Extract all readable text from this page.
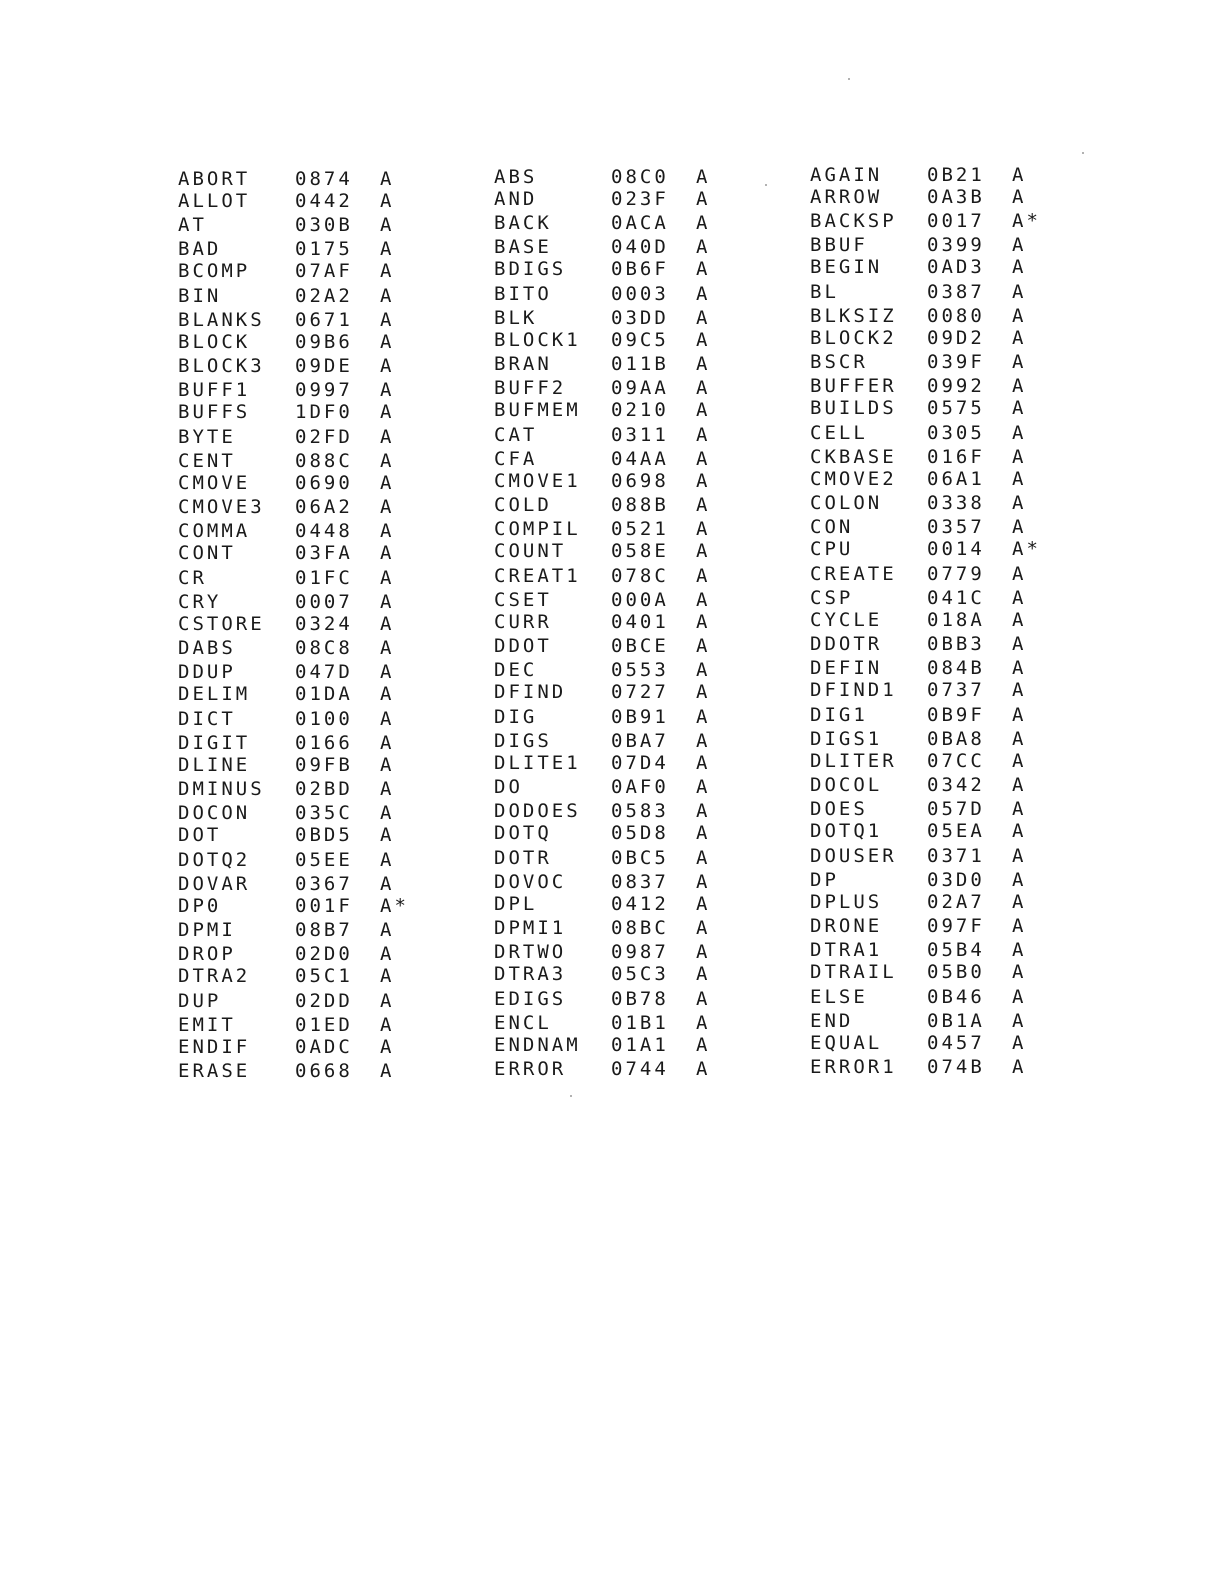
ABORT 0874 A
ALLOT 0442 A
AT	030B A
BAD	0175 A
BCOMP 07AF A
BIN	02A2 A
BLANKS 0671 A
BLOCK 09B6 A
BLOCK3 09DE A
BUFF1 0997 A
BUFFS 1DF0 A
BYTE	02FD A
CENT	088C A
CMOVE 0690 A
CMOVE3 06A2 A
COMMA 0448 A
CONT	03FA A
CR	01FC A
CRY	0007 A
CSTORE 0324 A
DABS	08C8 A
DDUP	047D A
DELIM 01DA A
DICT	0100 A
DIGIT 0166 A
DLINE 09FB A
DMINUS 02BD A
DOCON 035C A
DOT	0BD5 A
DOTQ2 05EE A
DOVAR 0367 A
DP0	001F A*
DPMI	08B7 A
DROP	02D0 A
DTRA2 05C1 A
DUP	02DD A
EMIT	01ED A
ENDIF 0ADC A
ERASE 0668 A
ABS	08C0 A
AND	023F A
BACK	0ACA A
BASE	040D A
BDIGS 0B6F A
BITO	0003 A
BLK	03DD A
BLOCK1 09C5 A
BRAN	011B A
BUFF2 09AA A
BUFMEM 0210 A
CAT	0311 A
CFA	04AA A
CMOVE1 0698 A
COLD	088B A
COMPIL 0521 A
COUNT 058E A
CREAT1 078C A
CSET	000A A
CURR	0401 A
DDOT	0BCE A
DEC	0553 A
DFIND 0727 A
DIG	0B91 A
DIGS	0BA7 A
DLITE1 07D4 A
DO	0AF0 A
DODOES 0583 A
DOTQ	05D8 A
DOTR	0BC5 A
DOVOC 0837 A
DPL	0412 A
DPMI1 08BC A
DRTWO 0987 A
DTRA3 05C3 A
EDIGS 0B78 A
ENCL	01B1 A
ENDNAM 01A1 A
ERROR 0744 A
AGAIN 0B21 A
ARROW 0A3B A
BACKSP 0017 A*
BBUF	0399 A
BEGIN 0AD3 A
BL	0387 A
BLKSIZ 0080 A
BLOCK2 09D2 A
BSCR	039F A
BUFFER 0992 A
BUILDS 0575 A
CELL	0305 A
CKBASE 016F A
CMOVE2 06A1 A
COLON 0338 A
CON	0357 A
CPU	0014 A*
CREATE 0779 A
CSP	041C A
CYCLE 018A A
DDOTR 0BB3 A
DEFIN 084B A
DFIND1 0737 A
DIG1	0B9F A
DIGS1 0BA8 A
DLITER 07CC A
DOCOL 0342 A
DOES	057D A
DOTQ1 05EA A
DOUSER 0371 A
DP	03D0 A
DPLUS 02A7 A
DRONE 097F A
DTRA1 05B4 A
DTRAIL 05B0 A
ELSE	0B46 A
END	0B1A A
EQUAL 0457 A
ERROR1 074B A
